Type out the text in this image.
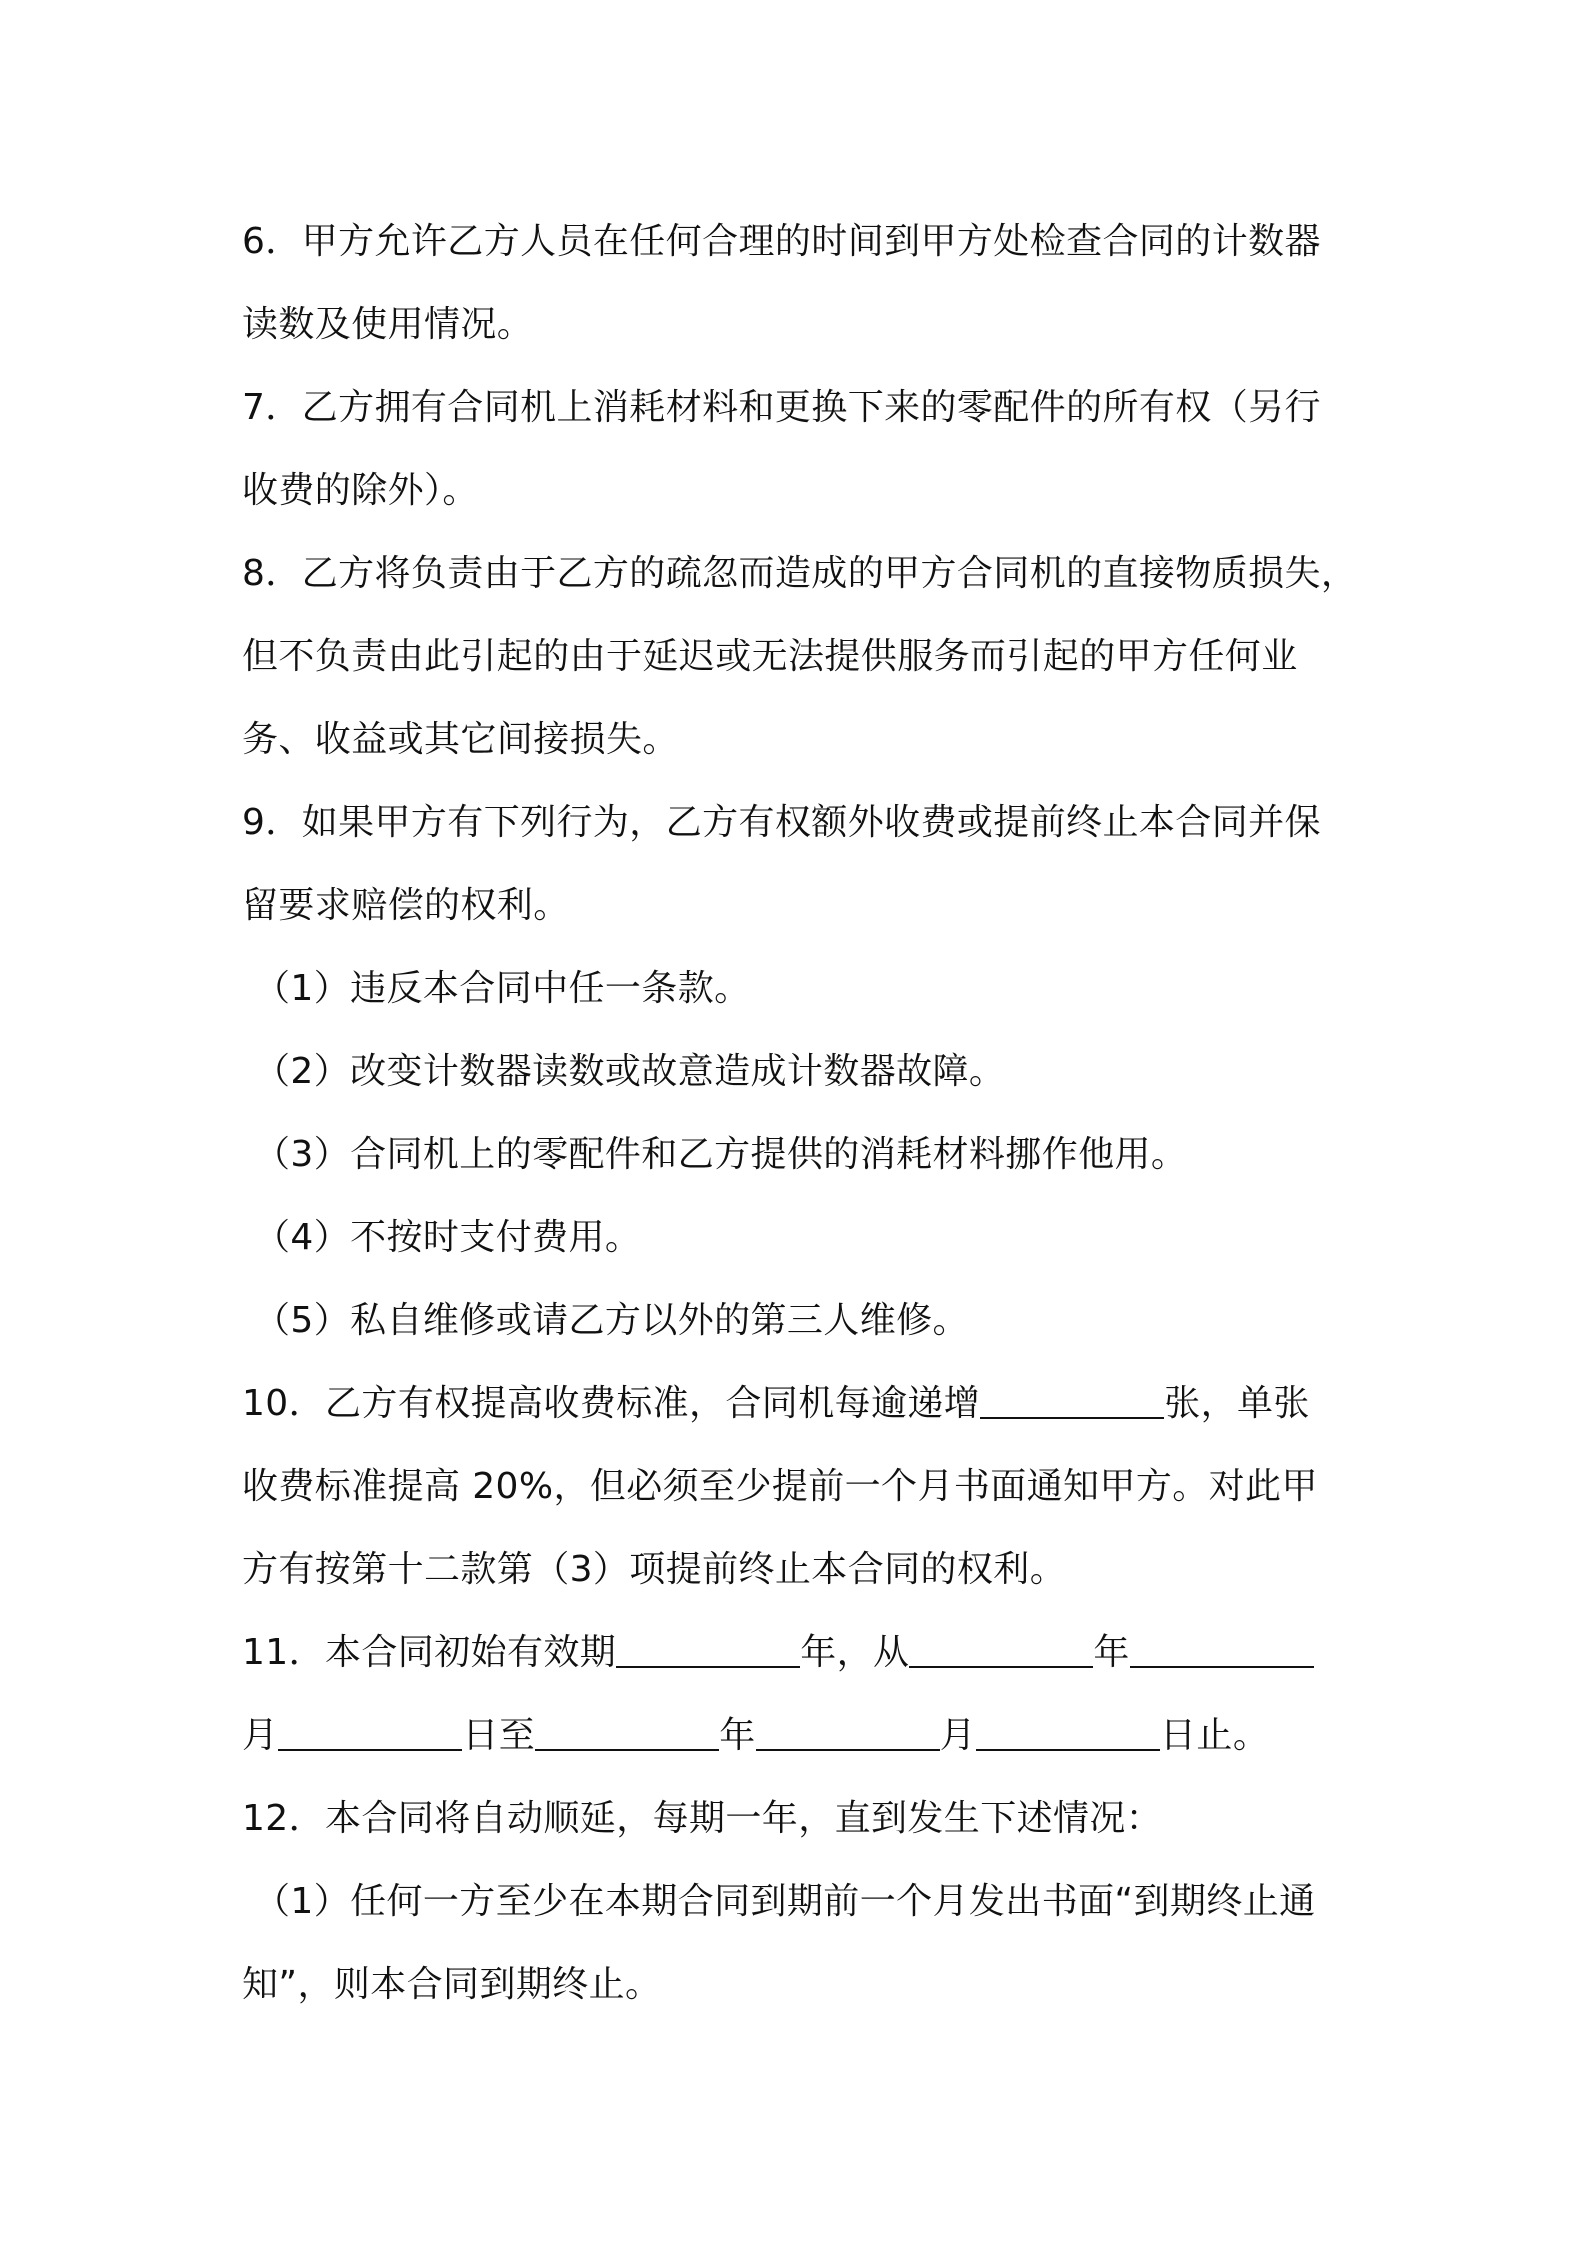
6．甲方允许乙方人员在任何合理的时间到甲方处检查合同的计数器
读数及使用情况。
7．乙方拥有合同机上消耗材料和更换下来的零配件的所有权（另行
收费的除外）。
8．乙方将负责由于乙方的疏忽而造成的甲方合同机的直接物质损失，
但不负责由此引起的由于延迟或无法提供服务而引起的甲方任何业
务、收益或其它间接损失。
9．如果甲方有下列行为，乙方有权额外收费或提前终止本合同并保
留要求赔偿的权利。
（1）违反本合同中任一条款。
（2）改变计数器读数或故意造成计数器故障。
（3）合同机上的零配件和乙方提供的消耗材料挪作他用。
（4）不按时支付费用。
（5）私自维修或请乙方以外的第三人维修。
10．乙方有权提高收费标准，合同机每逾递增	张，单张
收费标准提高 20%，但必须至少提前一个月书面通知甲方。对此甲
方有按第十二款第（3）项提前终止本合同的权利。
11．本合同初始有效期	年，从	年
月	日至	年	月	日止。
12．本合同将自动顺延，每期一年，直到发生下述情况：
（1）任何一方至少在本期合同到期前一个月发出书面“到期终止通
知”，则本合同到期终止。
